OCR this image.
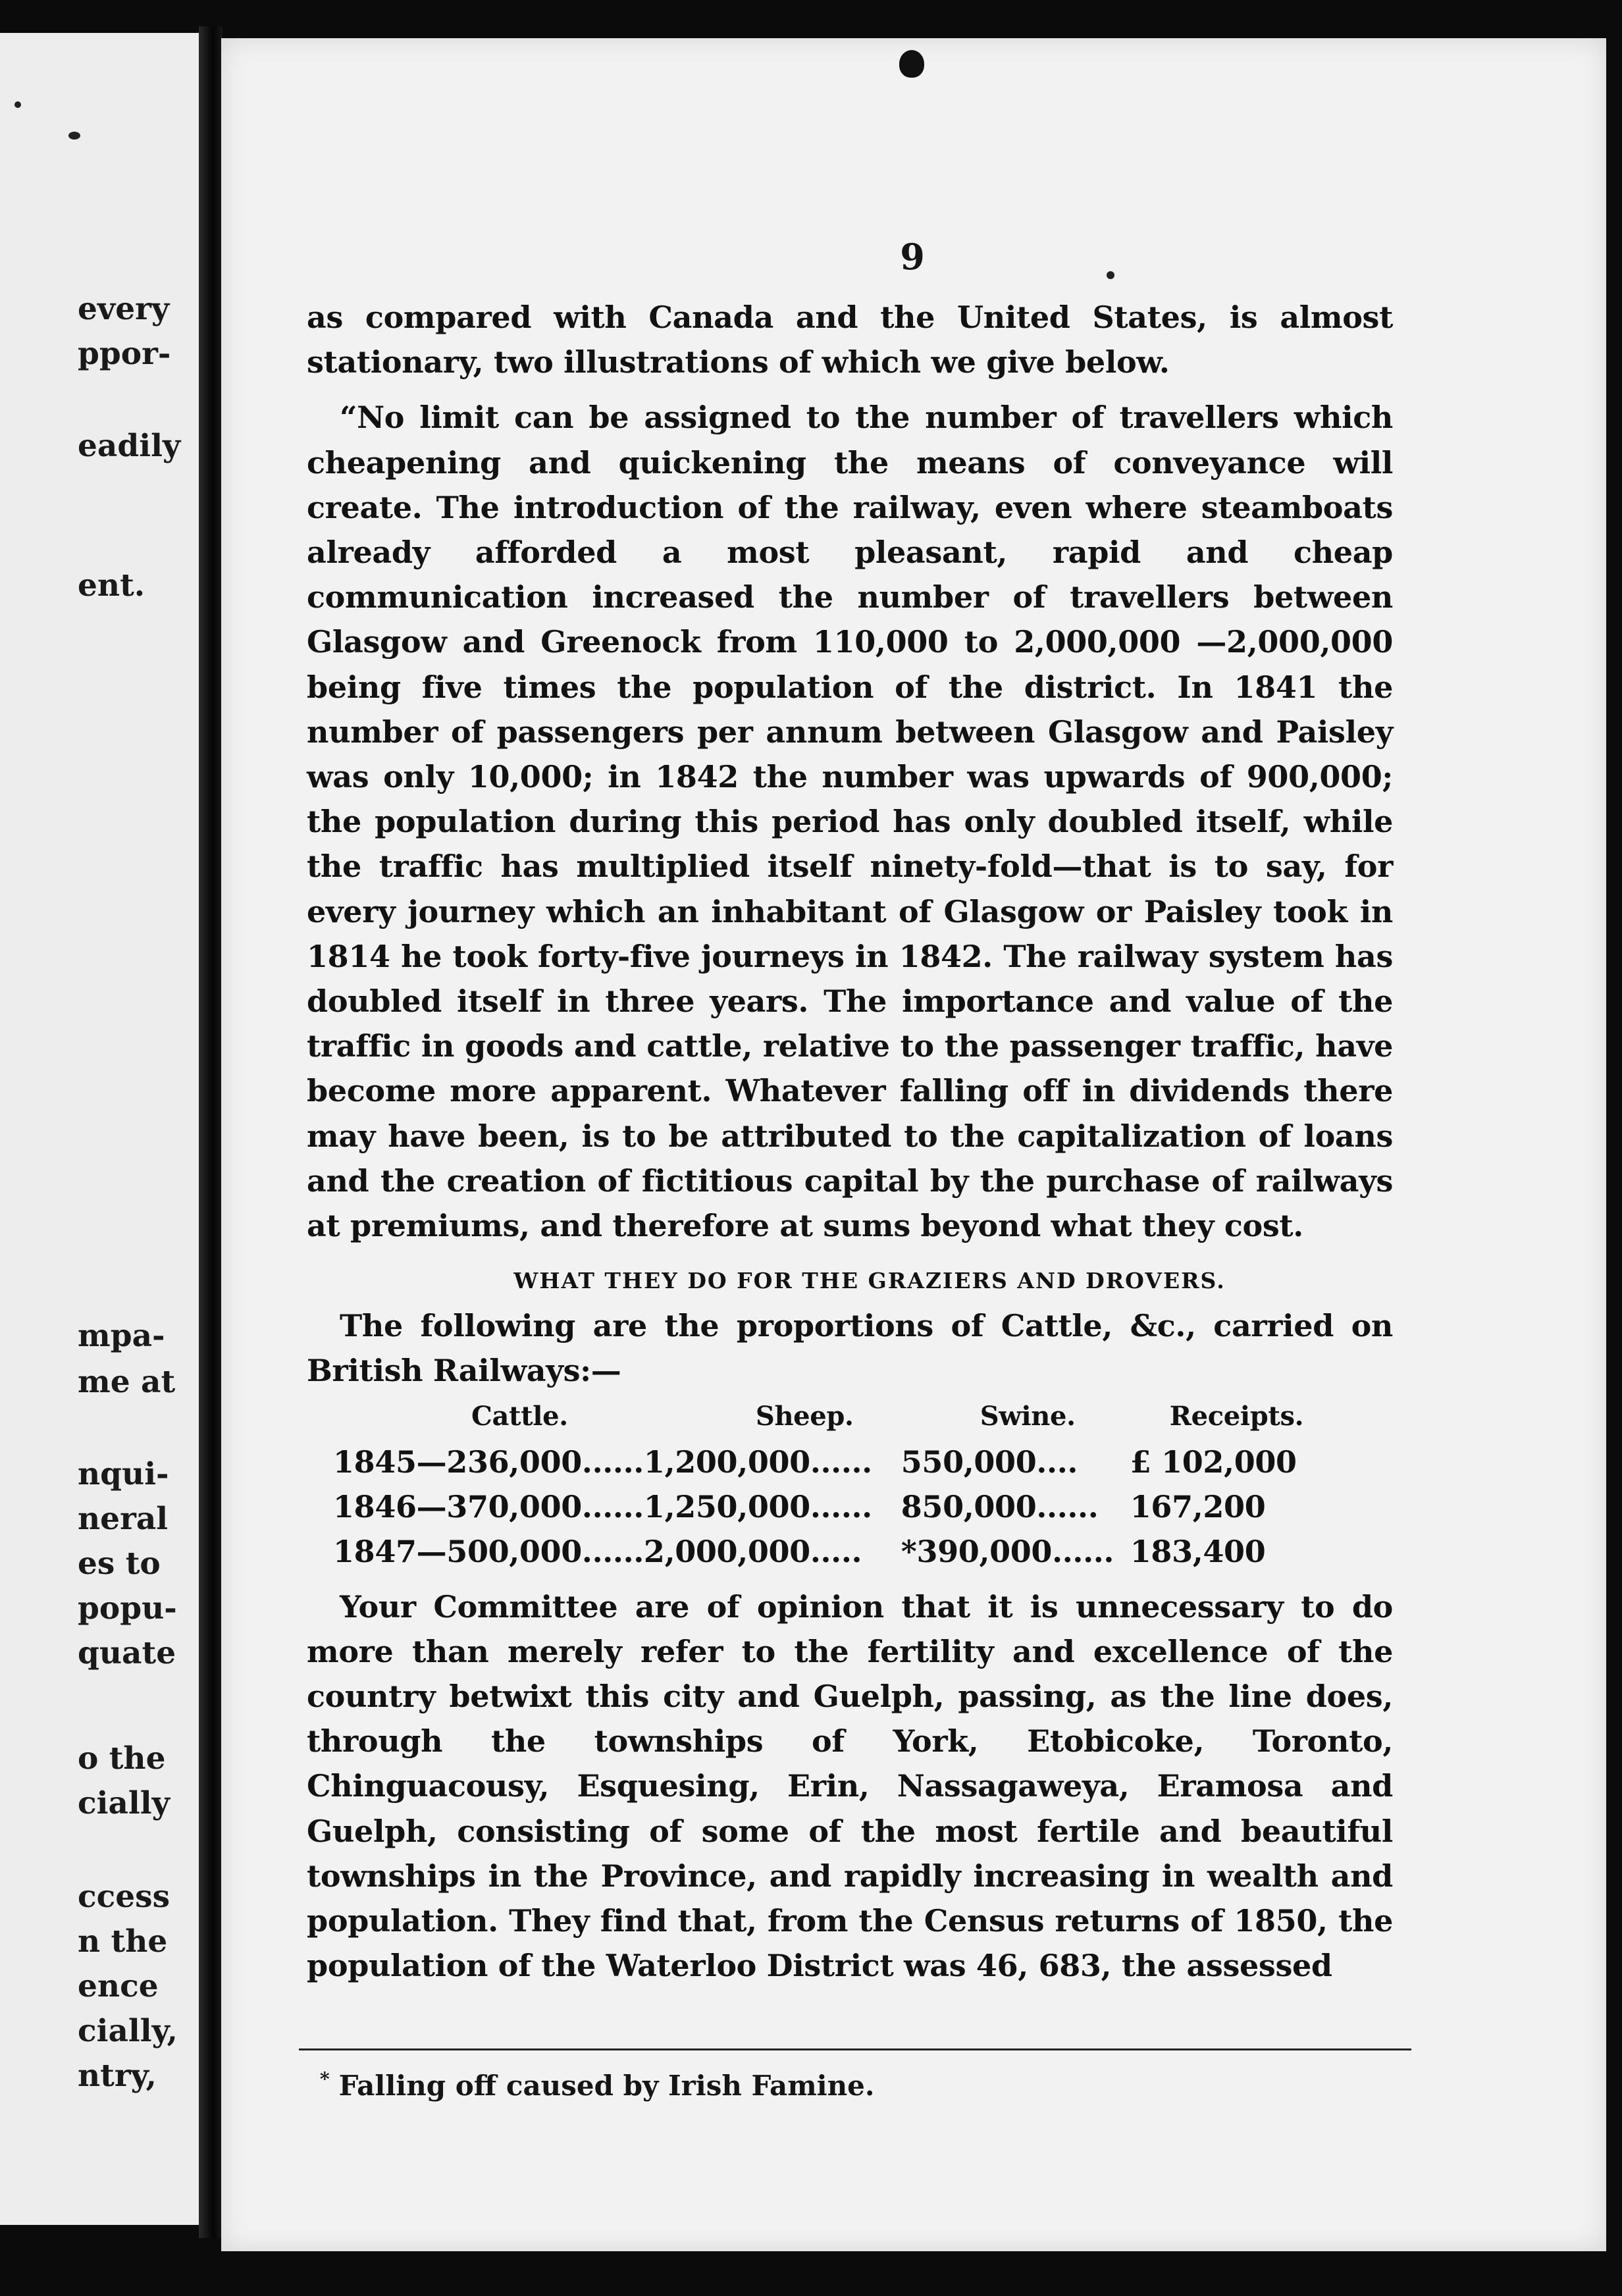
every
ppor-
eadily
ent.
mpa-
me at
nqui-
neral
es to
popu-
quate
o the
cially
ccess
n the
ence
cially,
ntry,
9

as compared with Canada and the United States, is almost stationary, two illustrations of which we give below.

“No limit can be assigned to the number of travellers which cheapening and quickening the means of conveyance will create. The introduction of the railway, even where steamboats already afforded a most pleasant, rapid and cheap communication increased the number of travellers between Glasgow and Greenock from 110,000 to 2,000,000 —2,000,000 being five times the population of the district. In 1841 the number of passengers per annum between Glasgow and Paisley was only 10,000; in 1842 the number was upwards of 900,000; the population during this period has only doubled itself, while the traffic has multiplied itself ninety-fold—that is to say, for every journey which an inhabitant of Glasgow or Paisley took in 1814 he took forty-five journeys in 1842. The railway system has doubled itself in three years. The importance and value of the traffic in goods and cattle, relative to the passenger traffic, have become more apparent. Whatever falling off in dividends there may have been, is to be attributed to the capitalization of loans and the creation of fictitious capital by the purchase of railways at premiums, and therefore at sums beyond what they cost.

WHAT THEY DO FOR THE GRAZIERS AND DROVERS.

The following are the proportions of Cattle, &c., carried on British Railways:—

Cattle.	Sheep.	Swine.	Receipts.
1845—236,000......	1,200,000......	550,000....	£ 102,000
1846—370,000......	1,250,000......	850,000......	167,200
1847—500,000......	2,000,000.....	*390,000......	183,400

Your Committee are of opinion that it is unnecessary to do more than merely refer to the fertility and excellence of the country betwixt this city and Guelph, passing, as the line does, through the townships of York, Etobicoke, Toronto, Chinguacousy, Esquesing, Erin, Nassagaweya, Eramosa and Guelph, consisting of some of the most fertile and beautiful townships in the Province, and rapidly increasing in wealth and population. They find that, from the Census returns of 1850, the population of the Waterloo District was 46, 683, the assessed

* Falling off caused by Irish Famine.
